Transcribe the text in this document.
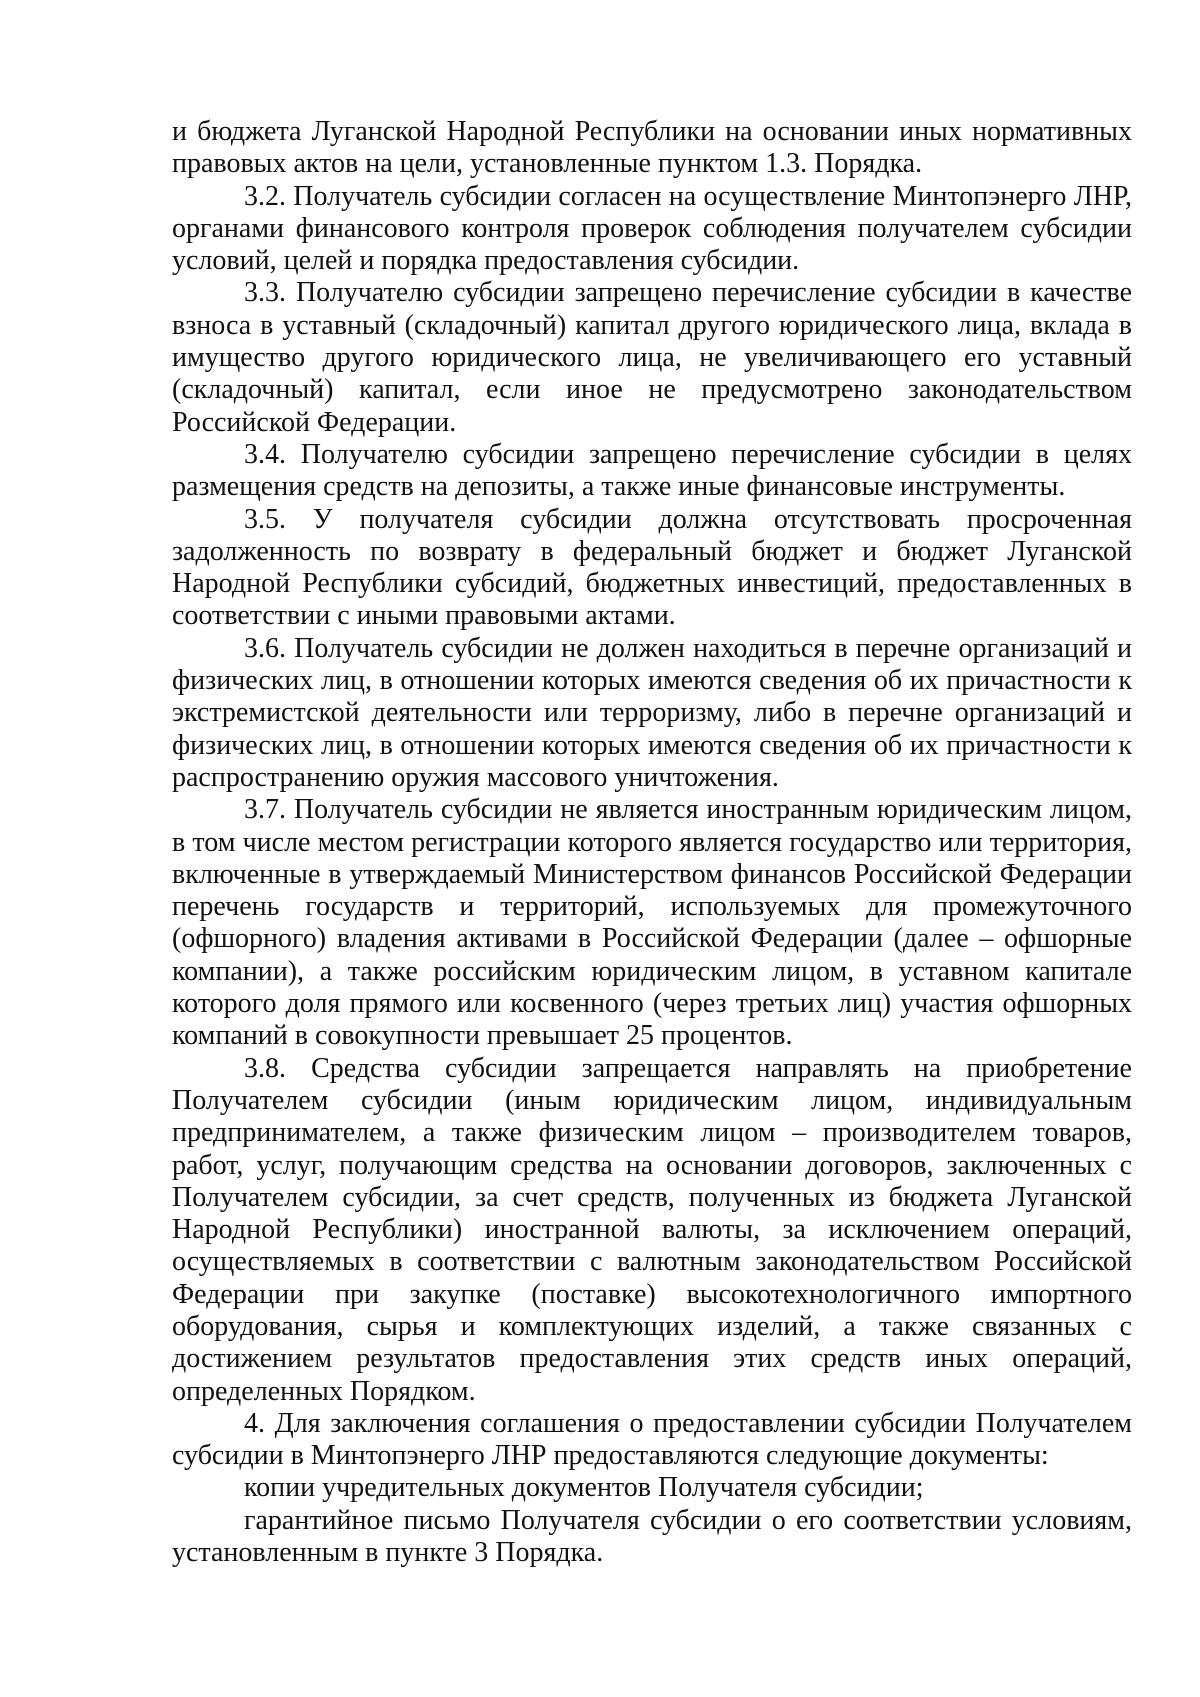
и бюджета Луганской Народной Республики на основании иных нормативных правовых актов на цели, установленные пунктом 1.3. Порядка.

3.2. Получатель субсидии согласен на осуществление Минтопэнерго ЛНР, органами финансового контроля проверок соблюдения получателем субсидии условий, целей и порядка предоставления субсидии.

3.3. Получателю субсидии запрещено перечисление субсидии в качестве взноса в уставный (складочный) капитал другого юридического лица, вклада в имущество другого юридического лица, не увеличивающего его уставный (складочный) капитал, если иное не предусмотрено законодательством Российской Федерации.

3.4. Получателю субсидии запрещено перечисление субсидии в целях размещения средств на депозиты, а также иные финансовые инструменты.

3.5. У получателя субсидии должна отсутствовать просроченная задолженность по возврату в федеральный бюджет и бюджет Луганской Народной Республики субсидий, бюджетных инвестиций, предоставленных в соответствии с иными правовыми актами.

3.6. Получатель субсидии не должен находиться в перечне организаций и физических лиц, в отношении которых имеются сведения об их причастности к экстремистской деятельности или терроризму, либо в перечне организаций и физических лиц, в отношении которых имеются сведения об их причастности к распространению оружия массового уничтожения.

3.7. Получатель субсидии не является иностранным юридическим лицом, в том числе местом регистрации которого является государство или территория, включенные в утверждаемый Министерством финансов Российской Федерации перечень государств и территорий, используемых для промежуточного (офшорного) владения активами в Российской Федерации (далее – офшорные компании), а также российским юридическим лицом, в уставном капитале которого доля прямого или косвенного (через третьих лиц) участия офшорных компаний в совокупности превышает 25 процентов.

3.8. Средства субсидии запрещается направлять на приобретение Получателем субсидии (иным юридическим лицом, индивидуальным предпринимателем, а также физическим лицом – производителем товаров, работ, услуг, получающим средства на основании договоров, заключенных с Получателем субсидии, за счет средств, полученных из бюджета Луганской Народной Республики) иностранной валюты, за исключением операций, осуществляемых в соответствии с валютным законодательством Российской Федерации при закупке (поставке) высокотехнологичного импортного оборудования, сырья и комплектующих изделий, а также связанных с достижением результатов предоставления этих средств иных операций, определенных Порядком.

4. Для заключения соглашения о предоставлении субсидии Получателем субсидии в Минтопэнерго ЛНР предоставляются следующие документы:

копии учредительных документов Получателя субсидии;

гарантийное письмо Получателя субсидии о его соответствии условиям, установленным в пункте 3 Порядка.
